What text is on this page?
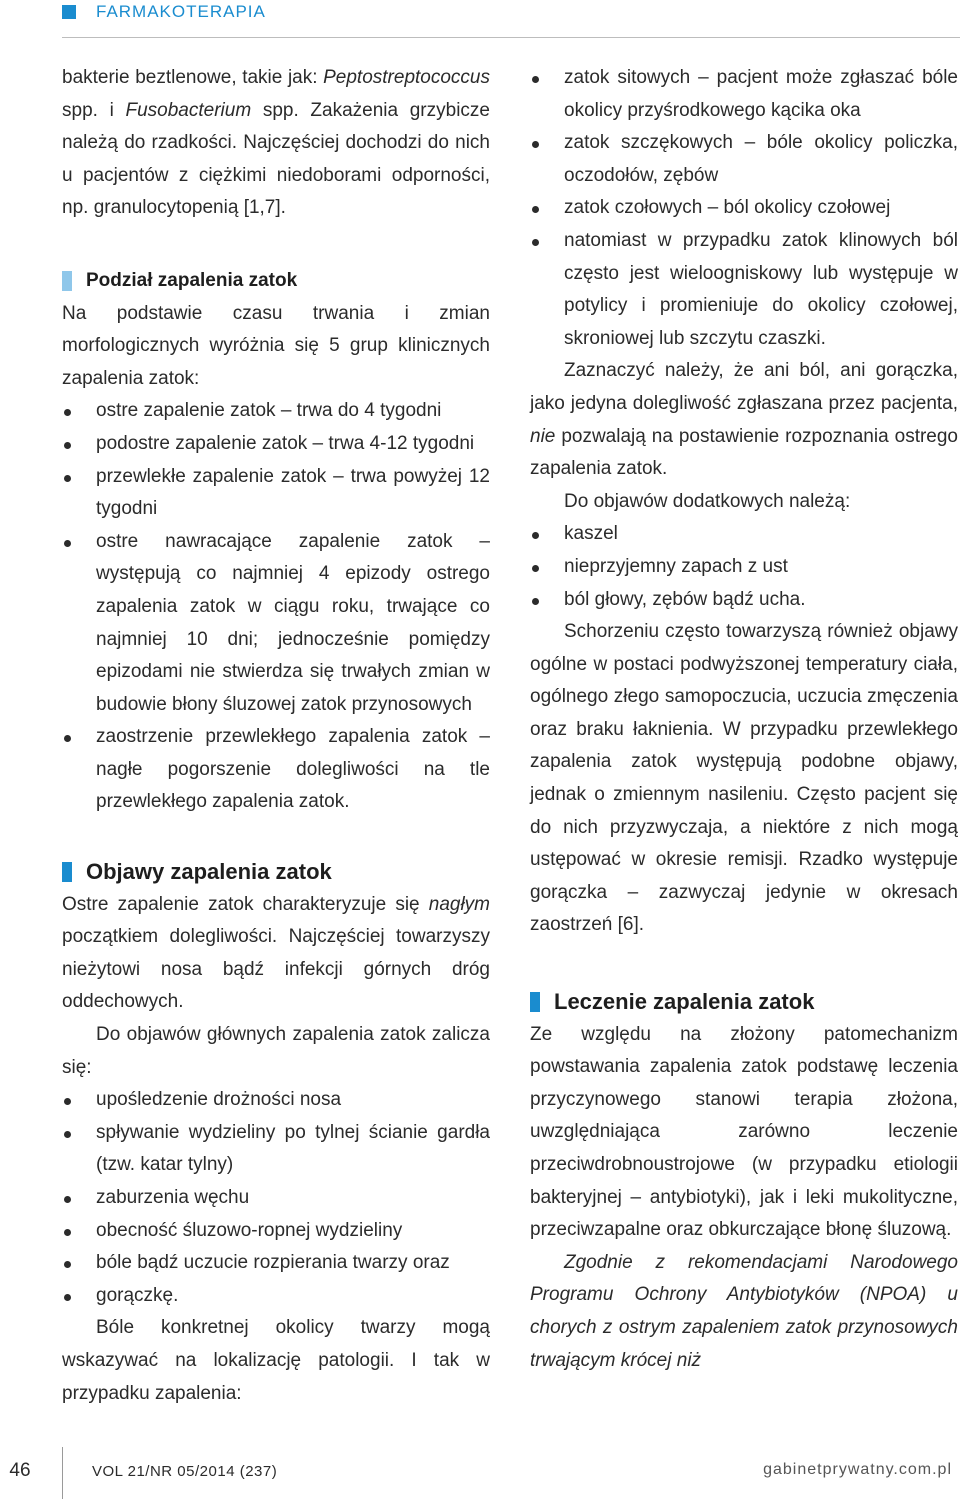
FARMAKOTERAPIA

bakterie beztlenowe, takie jak: Peptostreptococcus spp. i Fusobacterium spp. Zakażenia grzybicze należą do rzadkości. Najczęściej dochodzi do nich u pacjentów z ciężkimi niedoborami odporności, np. granulocytopenią [1,7].

Podział zapalenia zatok

Na podstawie czasu trwania i zmian morfologicznych wyróżnia się 5 grup klinicznych zapalenia zatok:

ostre zapalenie zatok – trwa do 4 tygodni
podostre zapalenie zatok – trwa 4-12 tygodni
przewlekłe zapalenie zatok – trwa powyżej 12 tygodni
ostre nawracające zapalenie zatok – występują co najmniej 4 epizody ostrego zapalenia zatok w ciągu roku, trwające co najmniej 10 dni; jednocześnie pomiędzy epizodami nie stwierdza się trwałych zmian w budowie błony śluzowej zatok przynosowych
zaostrzenie przewlekłego zapalenia zatok – nagłe pogorszenie dolegliwości na tle przewlekłego zapalenia zatok.
Objawy zapalenia zatok

Ostre zapalenie zatok charakteryzuje się nagłym początkiem dolegliwości. Najczęściej towarzyszy nieżytowi nosa bądź infekcji górnych dróg oddechowych.

Do objawów głównych zapalenia zatok zalicza się:

upośledzenie drożności nosa
spływanie wydzieliny po tylnej ścianie gardła (tzw. katar tylny)
zaburzenia węchu
obecność śluzowo-ropnej wydzieliny
bóle bądź uczucie rozpierania twarzy oraz
gorączkę.

Bóle konkretnej okolicy twarzy mogą wskazywać na lokalizację patologii. I tak w przypadku zapalenia:

zatok sitowych – pacjent może zgłaszać bóle okolicy przyśrodkowego kącika oka
zatok szczękowych – bóle okolicy policzka, oczodołów, zębów
zatok czołowych – ból okolicy czołowej
natomiast w przypadku zatok klinowych ból często jest wieloogniskowy lub występuje w potylicy i promieniuje do okolicy czołowej, skroniowej lub szczytu czaszki.

Zaznaczyć należy, że ani ból, ani gorączka, jako jedyna dolegliwość zgłaszana przez pacjenta, nie pozwalają na postawienie rozpoznania ostrego zapalenia zatok.

Do objawów dodatkowych należą:

kaszel
nieprzyjemny zapach z ust
ból głowy, zębów bądź ucha.

Schorzeniu często towarzyszą również objawy ogólne w postaci podwyższonej temperatury ciała, ogólnego złego samopoczucia, uczucia zmęczenia oraz braku łaknienia. W przypadku przewlekłego zapalenia zatok występują podobne objawy, jednak o zmiennym nasileniu. Często pacjent się do nich przyzwyczaja, a niektóre z nich mogą ustępować w okresie remisji. Rzadko występuje gorączka – zazwyczaj jedynie w okresach zaostrzeń [6].

Leczenie zapalenia zatok

Ze względu na złożony patomechanizm powstawania zapalenia zatok podstawę leczenia przyczynowego stanowi terapia złożona, uwzględniająca zarówno leczenie przeciwdrobnoustrojowe (w przypadku etiologii bakteryjnej – antybiotyki), jak i leki mukolityczne, przeciwzapalne oraz obkurczające błonę śluzową.

Zgodnie z rekomendacjami Narodowego Programu Ochrony Antybiotyków (NPOA) u chorych z ostrym zapaleniem zatok przynosowych trwającym krócej niż

46	VOL 21/NR 05/2014 (237)	gabinetprywatny.com.pl
